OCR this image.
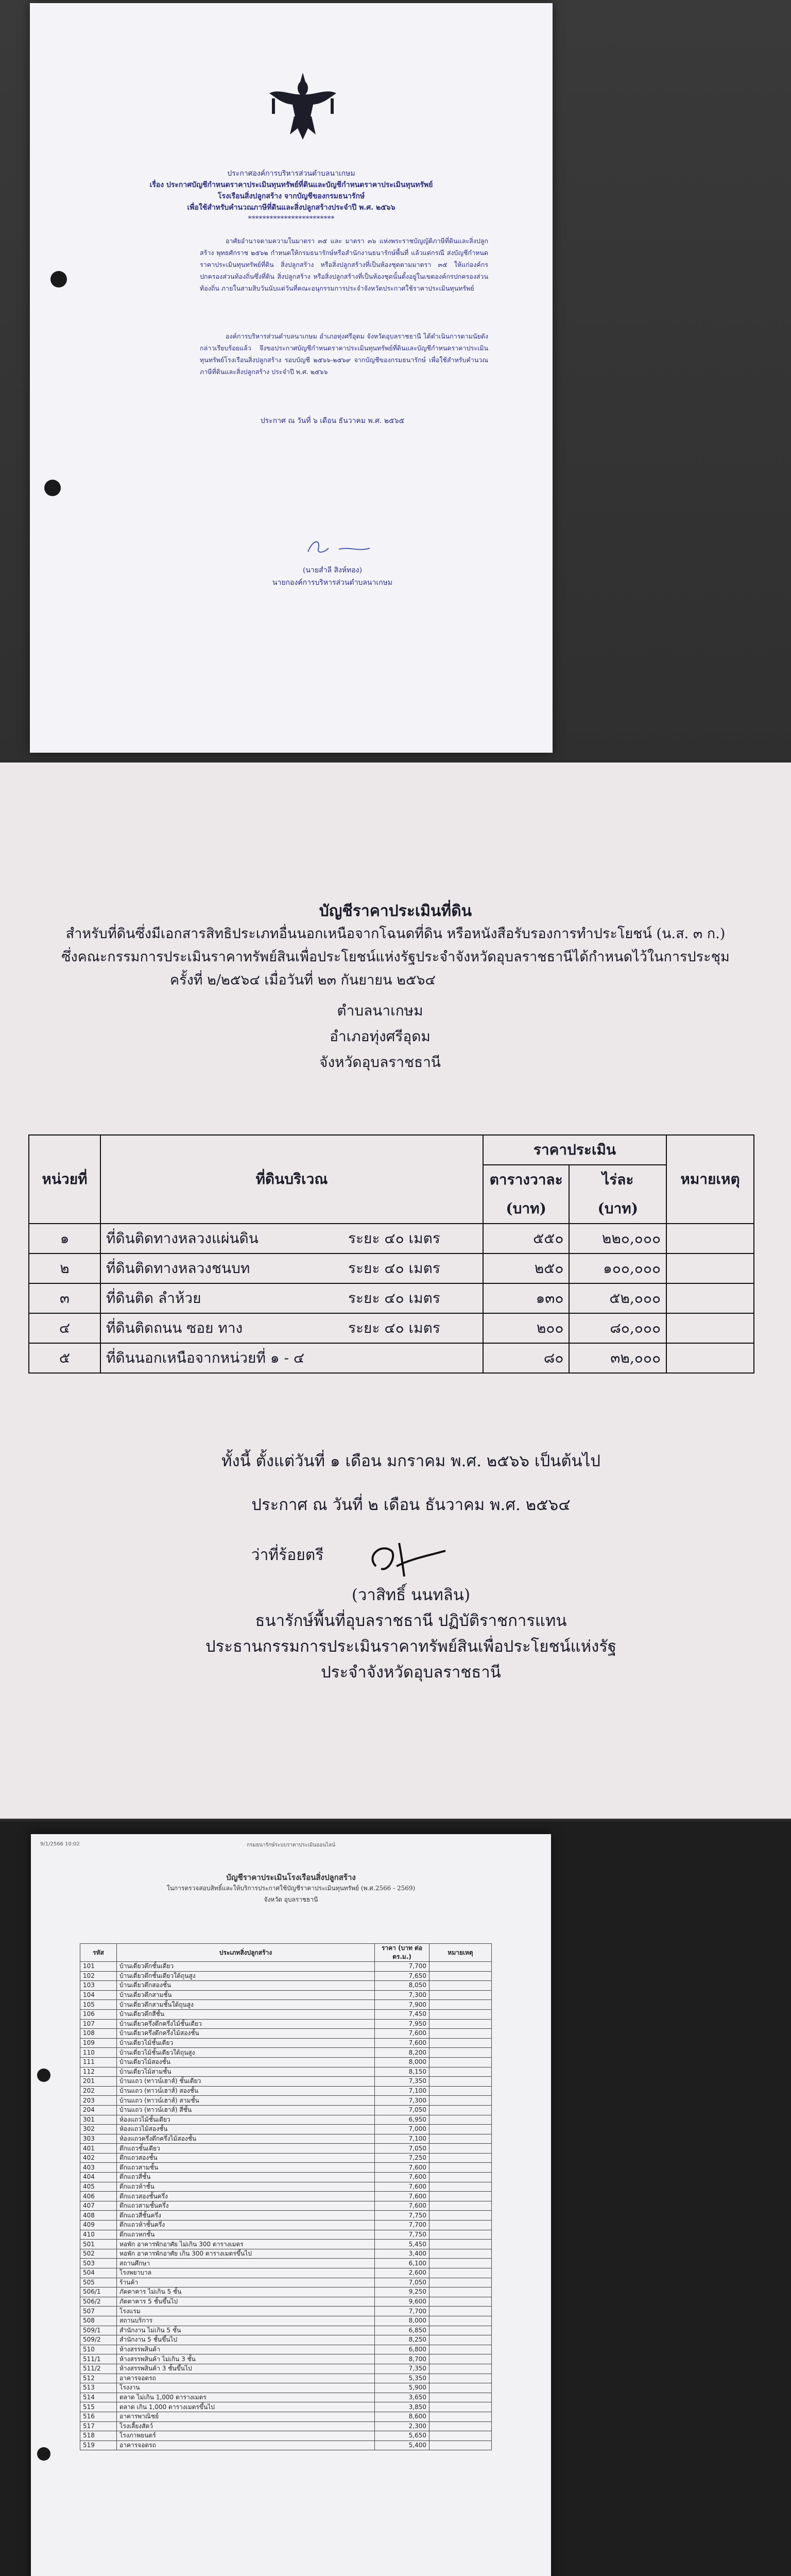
ประกาศองค์การบริหารส่วนตำบลนาเกษม
เรื่อง ประกาศบัญชีกำหนดราคาประเมินทุนทรัพย์ที่ดินและบัญชีกำหนดราคาประเมินทุนทรัพย์
โรงเรือนสิ่งปลูกสร้าง จากบัญชีของกรมธนารักษ์
เพื่อใช้สำหรับคำนวณภาษีที่ดินและสิ่งปลูกสร้างประจำปี พ.ศ. ๒๕๖๖
************************
อาศัยอำนาจตามความในมาตรา ๓๕ และ มาตรา ๓๖ แห่งพระราชบัญญัติภาษีที่ดินและสิ่งปลูกสร้าง พุทธศักราช ๒๕๖๒ กำหนดให้กรมธนารักษ์หรือสำนักงานธนารักษ์พื้นที่ แล้วแต่กรณี ส่งบัญชีกำหนดราคาประเมินทุนทรัพย์ที่ดิน สิ่งปลูกสร้าง หรือสิ่งปลูกสร้างที่เป็นห้องชุดตามมาตรา ๓๕ ให้แก่องค์กรปกครองส่วนท้องถิ่นซึ่งที่ดิน สิ่งปลูกสร้าง หรือสิ่งปลูกสร้างที่เป็นห้องชุดนั้นตั้งอยู่ในเขตองค์กรปกครองส่วนท้องถิ่น ภายในสามสิบวันนับแต่วันที่คณะอนุกรรมการประจำจังหวัดประกาศใช้ราคาประเมินทุนทรัพย์
องค์การบริหารส่วนตำบลนาเกษม อำเภอทุ่งศรีอุดม จังหวัดอุบลราชธานี ได้ดำเนินการตามนัยดังกล่าวเรียบร้อยแล้ว จึงขอประกาศบัญชีกำหนดราคาประเมินทุนทรัพย์ที่ดินและบัญชีกำหนดราคาประเมินทุนทรัพย์โรงเรือนสิ่งปลูกสร้าง รอบบัญชี ๒๕๖๖-๒๕๖๙ จากบัญชีของกรมธนารักษ์ เพื่อใช้สำหรับคำนวณภาษีที่ดินและสิ่งปลูกสร้าง ประจำปี พ.ศ. ๒๕๖๖
ประกาศ ณ วันที่ ๖ เดือน ธันวาคม พ.ศ. ๒๕๖๕
(นายสำลี สิงห์ทอง)
นายกองค์การบริหารส่วนตำบลนาเกษม
บัญชีราคาประเมินที่ดิน
สำหรับที่ดินซึ่งมีเอกสารสิทธิประเภทอื่นนอกเหนือจากโฉนดที่ดิน หรือหนังสือรับรองการทำประโยชน์ (น.ส. ๓ ก.)
ซึ่งคณะกรรมการประเมินราคาทรัพย์สินเพื่อประโยชน์แห่งรัฐประจำจังหวัดอุบลราชธานีได้กำหนดไว้ในการประชุม
ครั้งที่ ๒/๒๕๖๔ เมื่อวันที่ ๒๓ กันยายน ๒๕๖๔
ตำบลนาเกษม
อำเภอทุ่งศรีอุดม
จังหวัดอุบลราชธานี
หน่วยที่	ที่ดินบริเวณ	ราคาประเมิน		หมายเหตุ
		ตารางวาละ	ไร่ละ	
		(บาท)	(บาท)	
๑	ที่ดินติดทางหลวงแผ่นดิน ระยะ ๔๐ เมตร	๕๕๐	๒๒๐,๐๐๐	
๒	ที่ดินติดทางหลวงชนบท ระยะ ๔๐ เมตร	๒๕๐	๑๐๐,๐๐๐	
๓	ที่ดินติด ลำห้วย ระยะ ๔๐ เมตร	๑๓๐	๕๒,๐๐๐	
๔	ที่ดินติดถนน ซอย ทาง ระยะ ๔๐ เมตร	๒๐๐	๘๐,๐๐๐	
๕	ที่ดินนอกเหนือจากหน่วยที่ ๑ - ๔	๘๐	๓๒,๐๐๐	
ทั้งนี้ ตั้งแต่วันที่ ๑ เดือน มกราคม พ.ศ. ๒๕๖๖ เป็นต้นไป
ประกาศ ณ วันที่ ๒ เดือน ธันวาคม พ.ศ. ๒๕๖๔
ว่าที่ร้อยตรี
(วาสิทธิ์ นนทลิน)
ธนารักษ์พื้นที่อุบลราชธานี ปฏิบัติราชการแทน
ประธานกรรมการประเมินราคาทรัพย์สินเพื่อประโยชน์แห่งรัฐ
ประจำจังหวัดอุบลราชธานี
9/1/2566 10:02	กรมธนารักษ์ระบบราคาประเมินออนไลน์
บัญชีราคาประเมินโรงเรือนสิ่งปลูกสร้าง
ในการตรวจสอบสิทธิ์และให้บริการประกาศใช้บัญชีราคาประเมินทุนทรัพย์ (พ.ศ.2566 - 2569)
จังหวัด อุบลราชธานี
รหัส	ประเภทสิ่งปลูกสร้าง	ราคา (บาท ต่อ ตร.ม.)	หมายเหตุ
101	บ้านเดี่ยวตึกชั้นเดียว	7,700	
102	บ้านเดี่ยวตึกชั้นเดียวใต้ถุนสูง	7,650	
103	บ้านเดี่ยวตึกสองชั้น	8,050	
104	บ้านเดี่ยวตึกสามชั้น	7,300	
105	บ้านเดี่ยวตึกสามชั้นใต้ถุนสูง	7,900	
106	บ้านเดี่ยวตึกสี่ชั้น	7,450	
107	บ้านเดี่ยวครึ่งตึกครึ่งไม้ชั้นเดียว	7,950	
108	บ้านเดี่ยวครึ่งตึกครึ่งไม้สองชั้น	7,600	
109	บ้านเดี่ยวไม้ชั้นเดียว	7,600	
110	บ้านเดี่ยวไม้ชั้นเดียวใต้ถุนสูง	8,200	
111	บ้านเดี่ยวไม้สองชั้น	8,000	
112	บ้านเดี่ยวไม้สามชั้น	8,150	
201	บ้านแถว (ทาวน์เฮาส์) ชั้นเดียว	7,350	
202	บ้านแถว (ทาวน์เฮาส์) สองชั้น	7,100	
203	บ้านแถว (ทาวน์เฮาส์) สามชั้น	7,300	
204	บ้านแถว (ทาวน์เฮาส์) สี่ชั้น	7,050	
301	ห้องแถวไม้ชั้นเดียว	6,950	
302	ห้องแถวไม้สองชั้น	7,000	
303	ห้องแถวครึ่งตึกครึ่งไม้สองชั้น	7,100	
401	ตึกแถวชั้นเดียว	7,050	
402	ตึกแถวสองชั้น	7,250	
403	ตึกแถวสามชั้น	7,600	
404	ตึกแถวสี่ชั้น	7,600	
405	ตึกแถวห้าชั้น	7,600	
406	ตึกแถวสองชั้นครึ่ง	7,600	
407	ตึกแถวสามชั้นครึ่ง	7,600	
408	ตึกแถวสี่ชั้นครึ่ง	7,750	
409	ตึกแถวห้าชั้นครึ่ง	7,700	
410	ตึกแถวหกชั้น	7,750	
501	หอพัก อาคารพักอาศัย ไม่เกิน 300 ตารางเมตร	5,450	
502	หอพัก อาคารพักอาศัย เกิน 300 ตารางเมตรขึ้นไป	3,400	
503	สถานศึกษา	6,100	
504	โรงพยาบาล	2,600	
505	ร้านค้า	7,050	
506/1	ภัตตาคาร ไม่เกิน 5 ชั้น	9,250	
506/2	ภัตตาคาร 5 ชั้นขึ้นไป	9,600	
507	โรงแรม	7,700	
508	สถานบริการ	8,000	
509/1	สำนักงาน ไม่เกิน 5 ชั้น	6,850	
509/2	สำนักงาน 5 ชั้นขึ้นไป	8,250	
510	ห้างสรรพสินค้า	6,800	
511/1	ห้างสรรพสินค้า ไม่เกิน 3 ชั้น	8,700	
511/2	ห้างสรรพสินค้า 3 ชั้นขึ้นไป	7,350	
512	อาคารจอดรถ	5,350	
513	โรงงาน	5,900	
514	ตลาด ไม่เกิน 1,000 ตารางเมตร	3,650	
515	ตลาด เกิน 1,000 ตารางเมตรขึ้นไป	3,850	
516	อาคารพาณิชย์	8,600	
517	โรงเลี้ยงสัตว์	2,300	
518	โรงภาพยนตร์	5,650	
519	อาคารจอดรถ	5,400	
